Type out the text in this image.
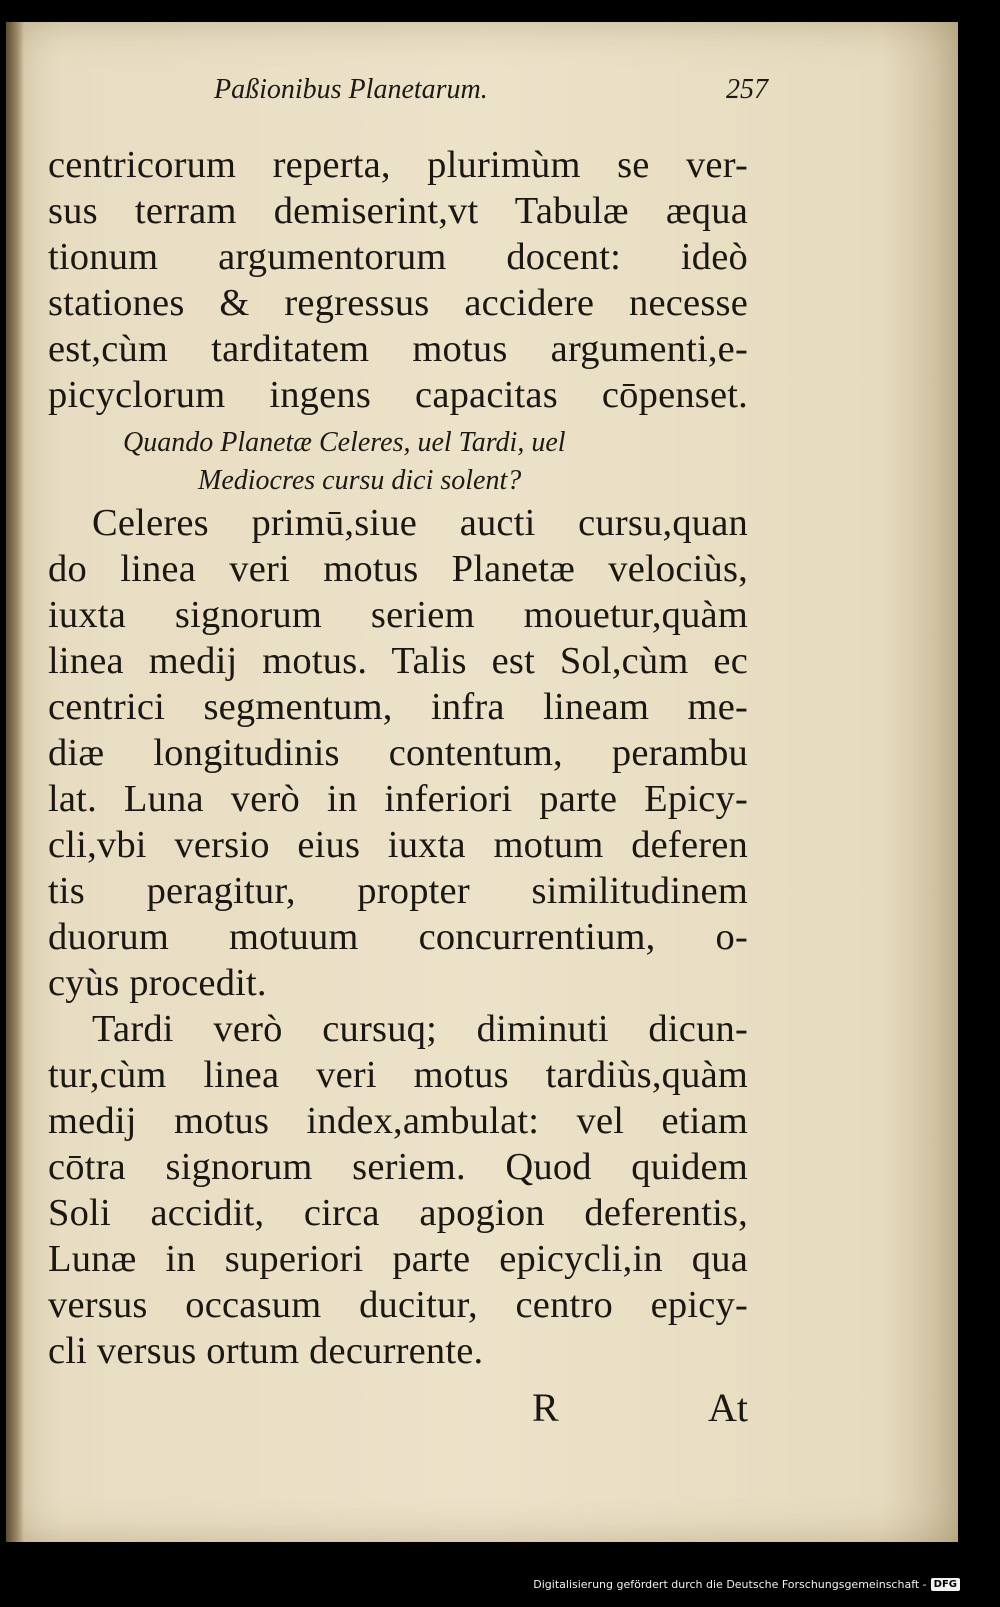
Paßionibus Planetarum.	257
centricorum reperta, plurimùm se ver-
sus terram demiserint,vt Tabulæ æqua
tionum argumentorum docent: ideò
stationes & regressus accidere necesse
est,cùm tarditatem motus argumenti,e-
picyclorum ingens capacitas cōpenset.
Quando Planetæ Celeres, uel Tardi, uel
Mediocres cursu dici solent?
Celeres primū,siue aucti cursu,quan
do linea veri motus Planetæ velociùs,
iuxta signorum seriem mouetur,quàm
linea medij motus. Talis est Sol,cùm ec
centrici segmentum, infra lineam me-
diæ longitudinis contentum, perambu
lat. Luna verò in inferiori parte Epicy-
cli,vbi versio eius iuxta motum deferen
tis peragitur, propter similitudinem
duorum motuum concurrentium, o-
cyùs procedit.
Tardi verò cursuq; diminuti dicun-
tur,cùm linea veri motus tardiùs,quàm
medij motus index,ambulat: vel etiam
cōtra signorum seriem. Quod quidem
Soli accidit, circa apogion deferentis,
Lunæ in superiori parte epicycli,in qua
versus occasum ducitur, centro epicy-
cli versus ortum decurrente.
R	At
Digitalisierung gefördert durch die Deutsche Forschungsgemeinschaft - DFG
